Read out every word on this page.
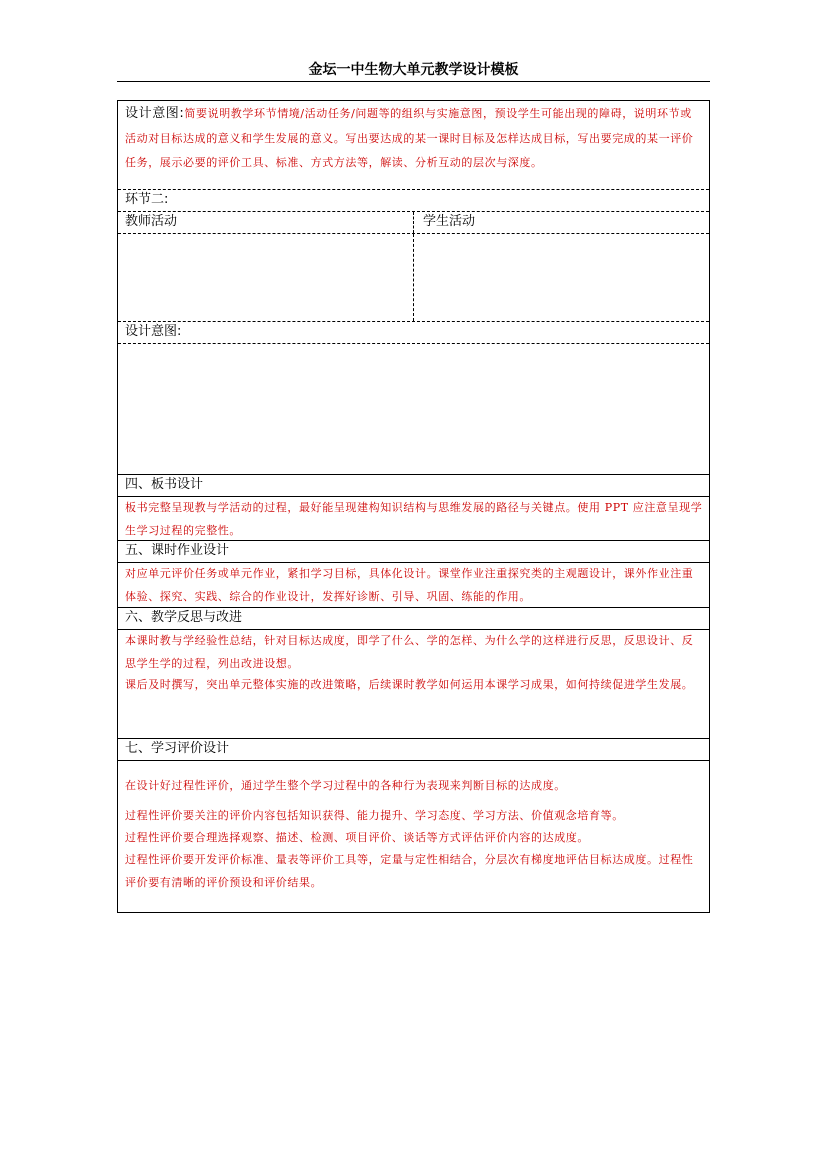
金坛一中生物大单元教学设计模板
设计意图:简要说明教学环节情境/活动任务/问题等的组织与实施意图，预设学生可能出现的障碍，说明环节或活动对目标达成的意义和学生发展的意义。写出要达成的某一课时目标及怎样达成目标，写出要完成的某一评价任务，展示必要的评价工具、标准、方式方法等，解读、分析互动的层次与深度。
环节二:
教师活动	学生活动
设计意图:
四、板书设计
板书完整呈现教与学活动的过程，最好能呈现建构知识结构与思维发展的路径与关键点。使用 PPT 应注意呈现学生学习过程的完整性。
五、课时作业设计
对应单元评价任务或单元作业，紧扣学习目标，具体化设计。课堂作业注重探究类的主观题设计，课外作业注重体验、探究、实践、综合的作业设计，发挥好诊断、引导、巩固、练能的作用。
六、教学反思与改进
本课时教与学经验性总结，针对目标达成度，即学了什么、学的怎样、为什么学的这样进行反思，反思设计、反思学生学的过程，列出改进设想。
课后及时撰写，突出单元整体实施的改进策略，后续课时教学如何运用本课学习成果，如何持续促进学生发展。
七、学习评价设计
在设计好过程性评价，通过学生整个学习过程中的各种行为表现来判断目标的达成度。
过程性评价要关注的评价内容包括知识获得、能力提升、学习态度、学习方法、价值观念培育等。
过程性评价要合理选择观察、描述、检测、项目评价、谈话等方式评估评价内容的达成度。
过程性评价要开发评价标准、量表等评价工具等，定量与定性相结合，分层次有梯度地评估目标达成度。过程性评价要有清晰的评价预设和评价结果。
